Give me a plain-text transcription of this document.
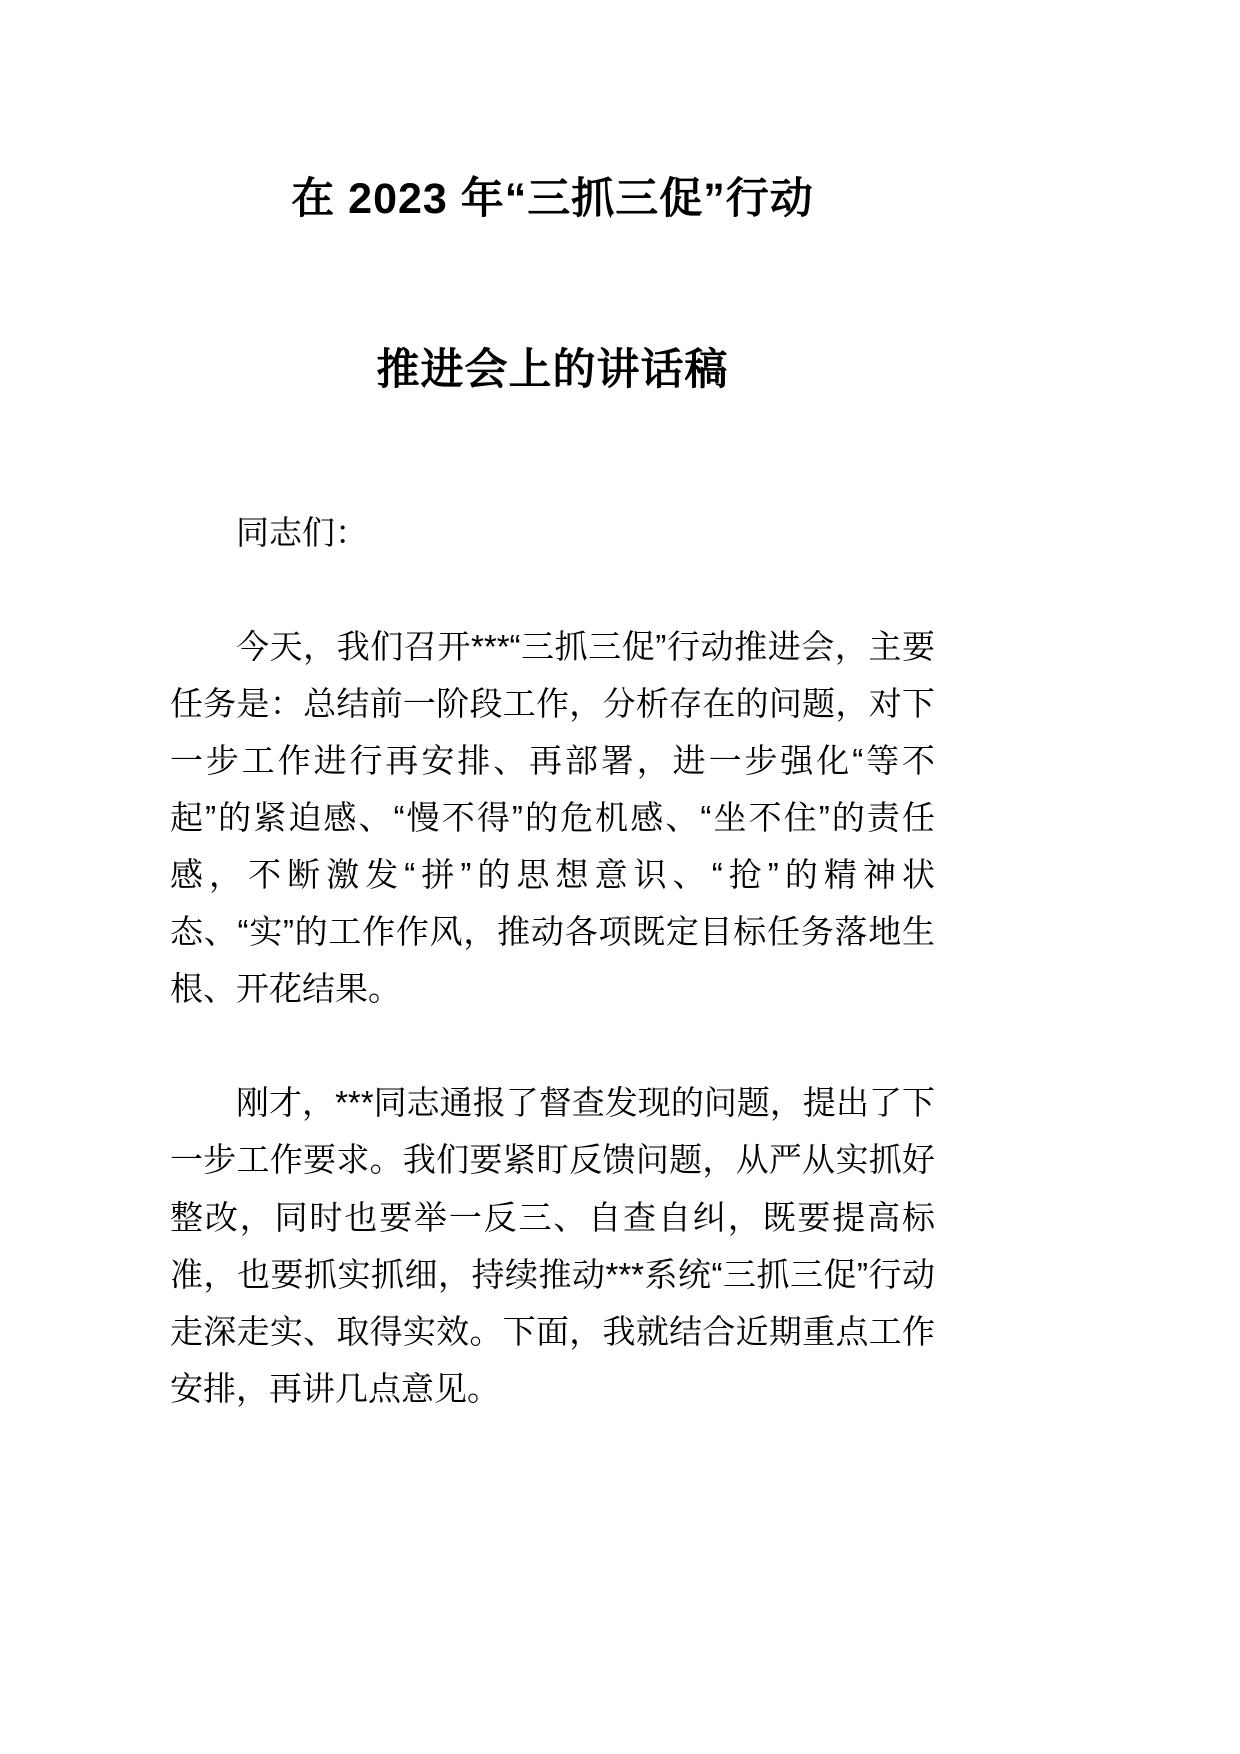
在 2023 年“三抓三促”行动
推进会上的讲话稿

同志们：

今天，我们召开***“三抓三促”行动推进会，主要任务是：总结前一阶段工作，分析存在的问题，对下一步工作进行再安排、再部署，进一步强化“等不起”的紧迫感、“慢不得”的危机感、“坐不住”的责任感，不断激发“拼”的思想意识、“抢”的精神状态、“实”的工作作风，推动各项既定目标任务落地生根、开花结果。

刚才，***同志通报了督查发现的问题，提出了下一步工作要求。我们要紧盯反馈问题，从严从实抓好整改，同时也要举一反三、自查自纠，既要提高标准，也要抓实抓细，持续推动***系统“三抓三促”行动走深走实、取得实效。下面，我就结合近期重点工作安排，再讲几点意见。
